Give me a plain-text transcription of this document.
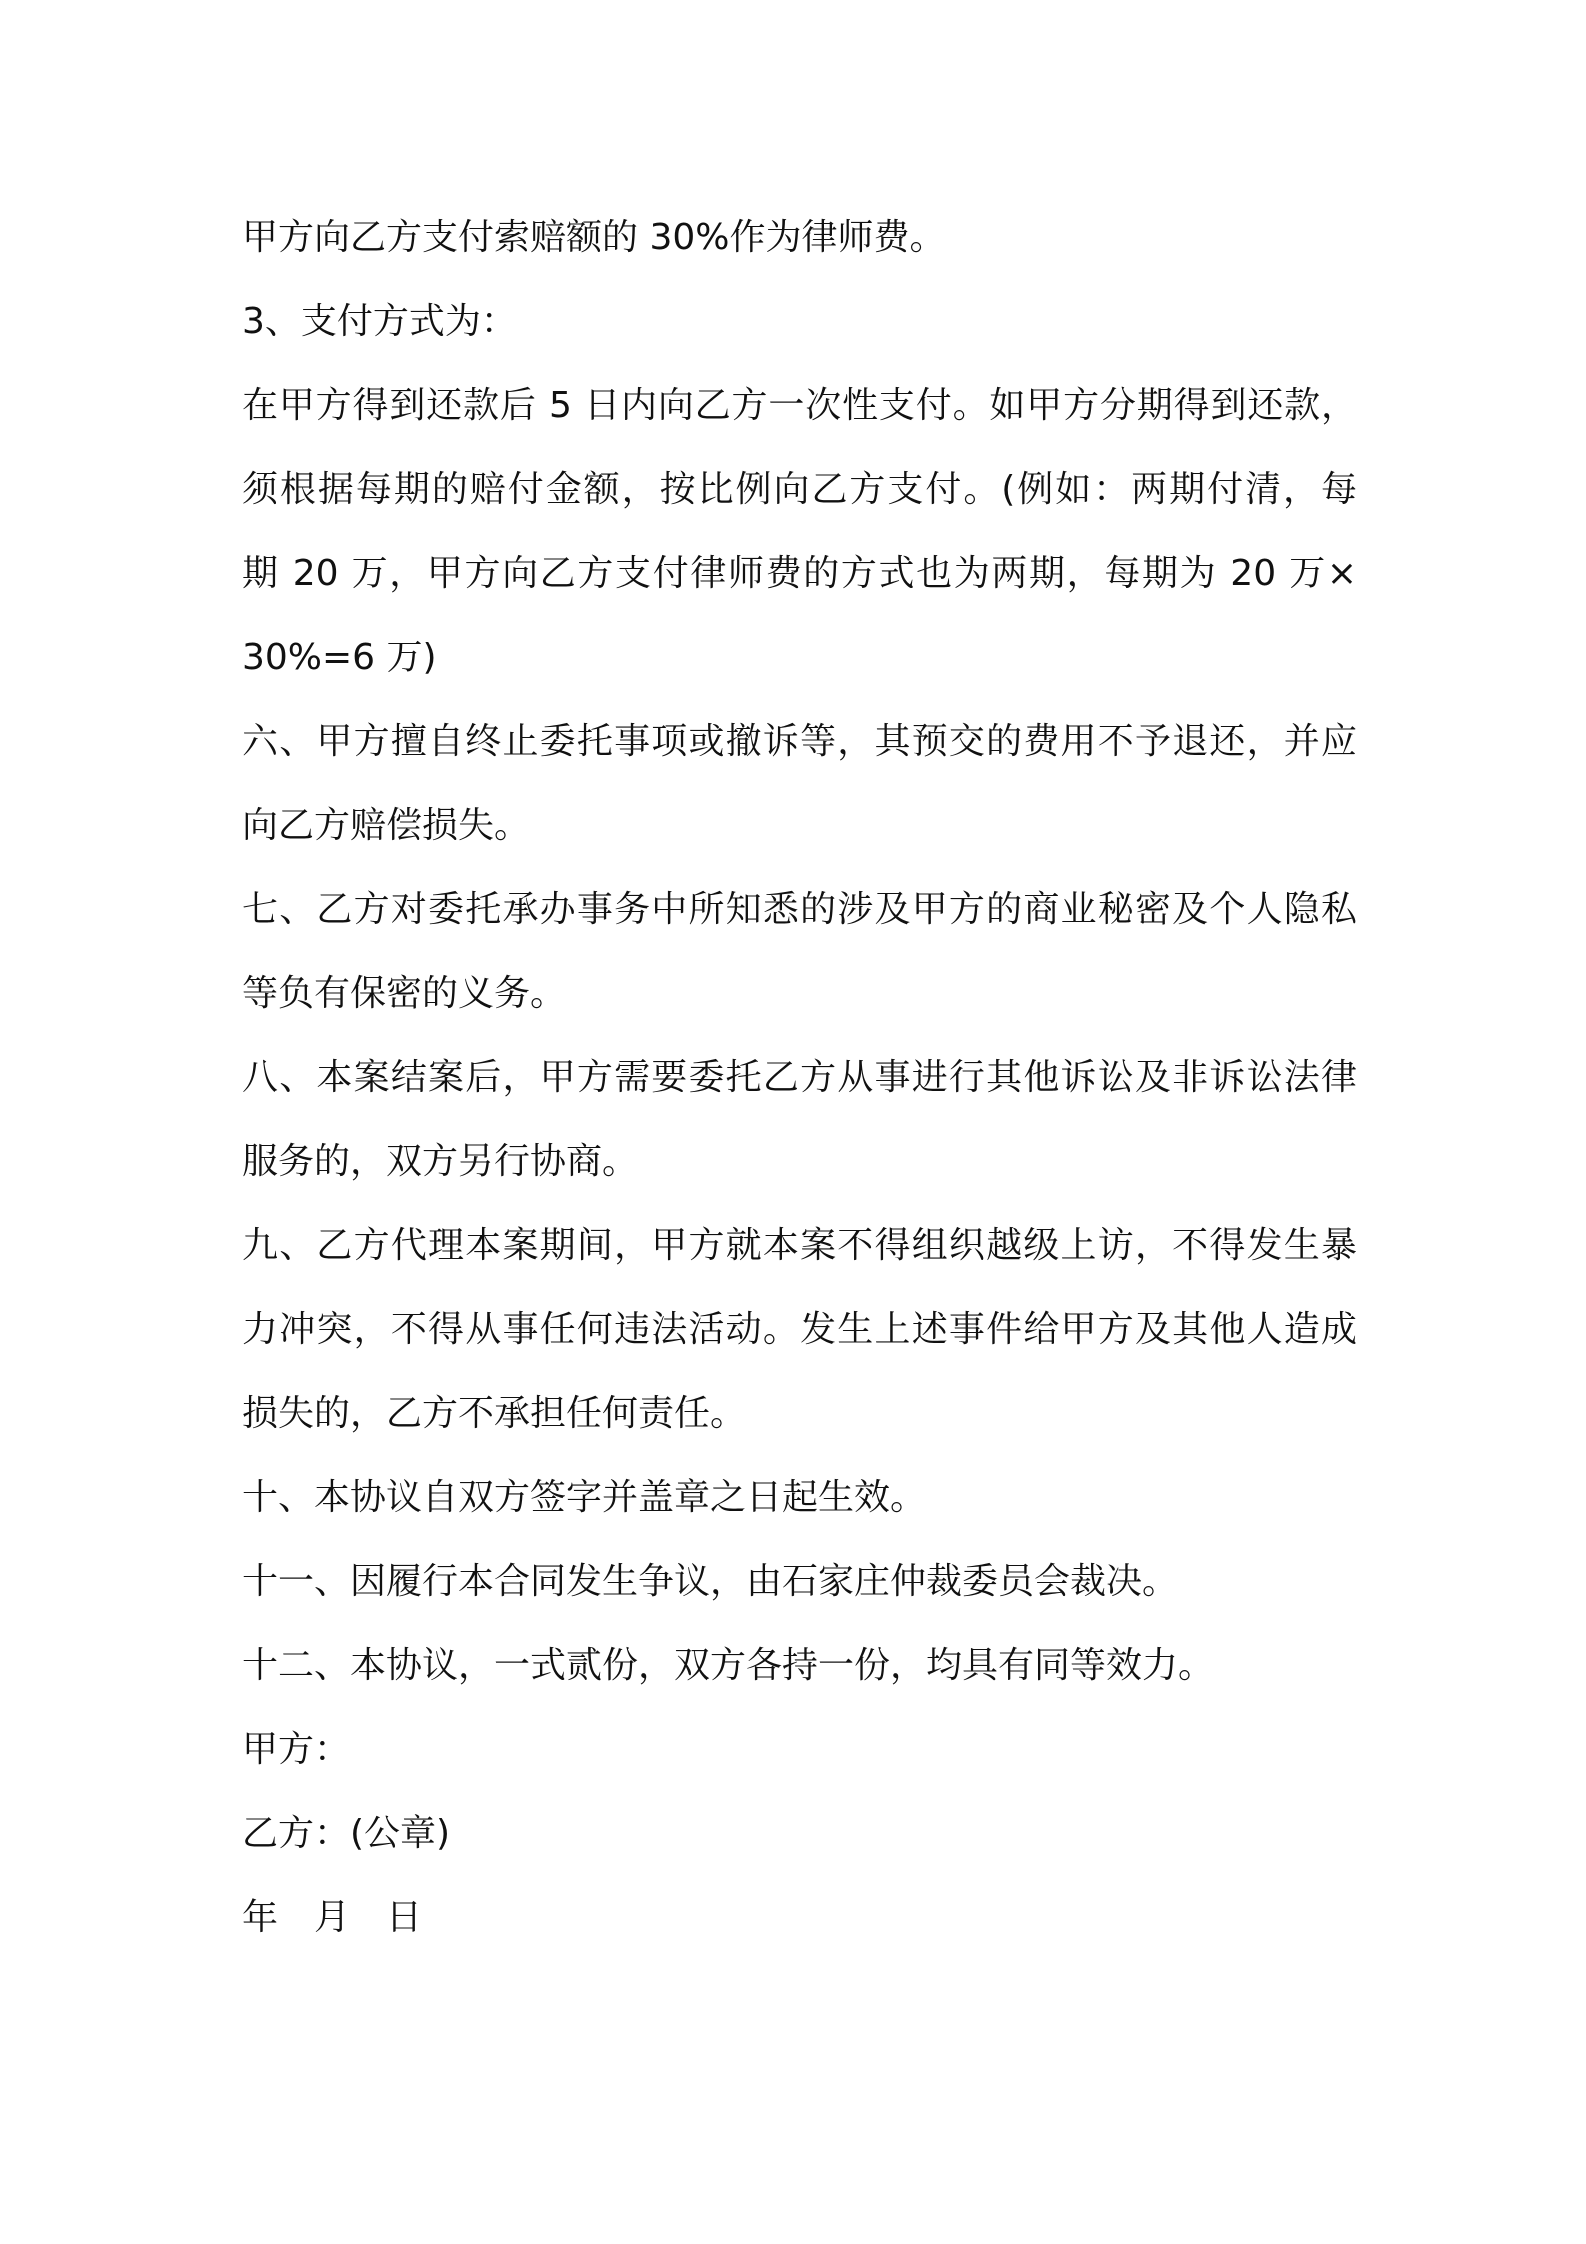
甲方向乙方支付索赔额的 30%作为律师费。
3、支付方式为：
在甲方得到还款后 5 日内向乙方一次性支付。如甲方分期得到还款，
须根据每期的赔付金额，按比例向乙方支付。(例如：两期付清，每
期 20 万，甲方向乙方支付律师费的方式也为两期，每期为 20 万×
30%=6 万)
六、甲方擅自终止委托事项或撤诉等，其预交的费用不予退还，并应
向乙方赔偿损失。
七、乙方对委托承办事务中所知悉的涉及甲方的商业秘密及个人隐私
等负有保密的义务。
八、本案结案后，甲方需要委托乙方从事进行其他诉讼及非诉讼法律
服务的，双方另行协商。
九、乙方代理本案期间，甲方就本案不得组织越级上访，不得发生暴
力冲突，不得从事任何违法活动。发生上述事件给甲方及其他人造成
损失的，乙方不承担任何责任。
十、本协议自双方签字并盖章之日起生效。
十一、因履行本合同发生争议，由石家庄仲裁委员会裁决。
十二、本协议，一式贰份，双方各持一份，均具有同等效力。
甲方：
乙方：(公章)
年 月 日
